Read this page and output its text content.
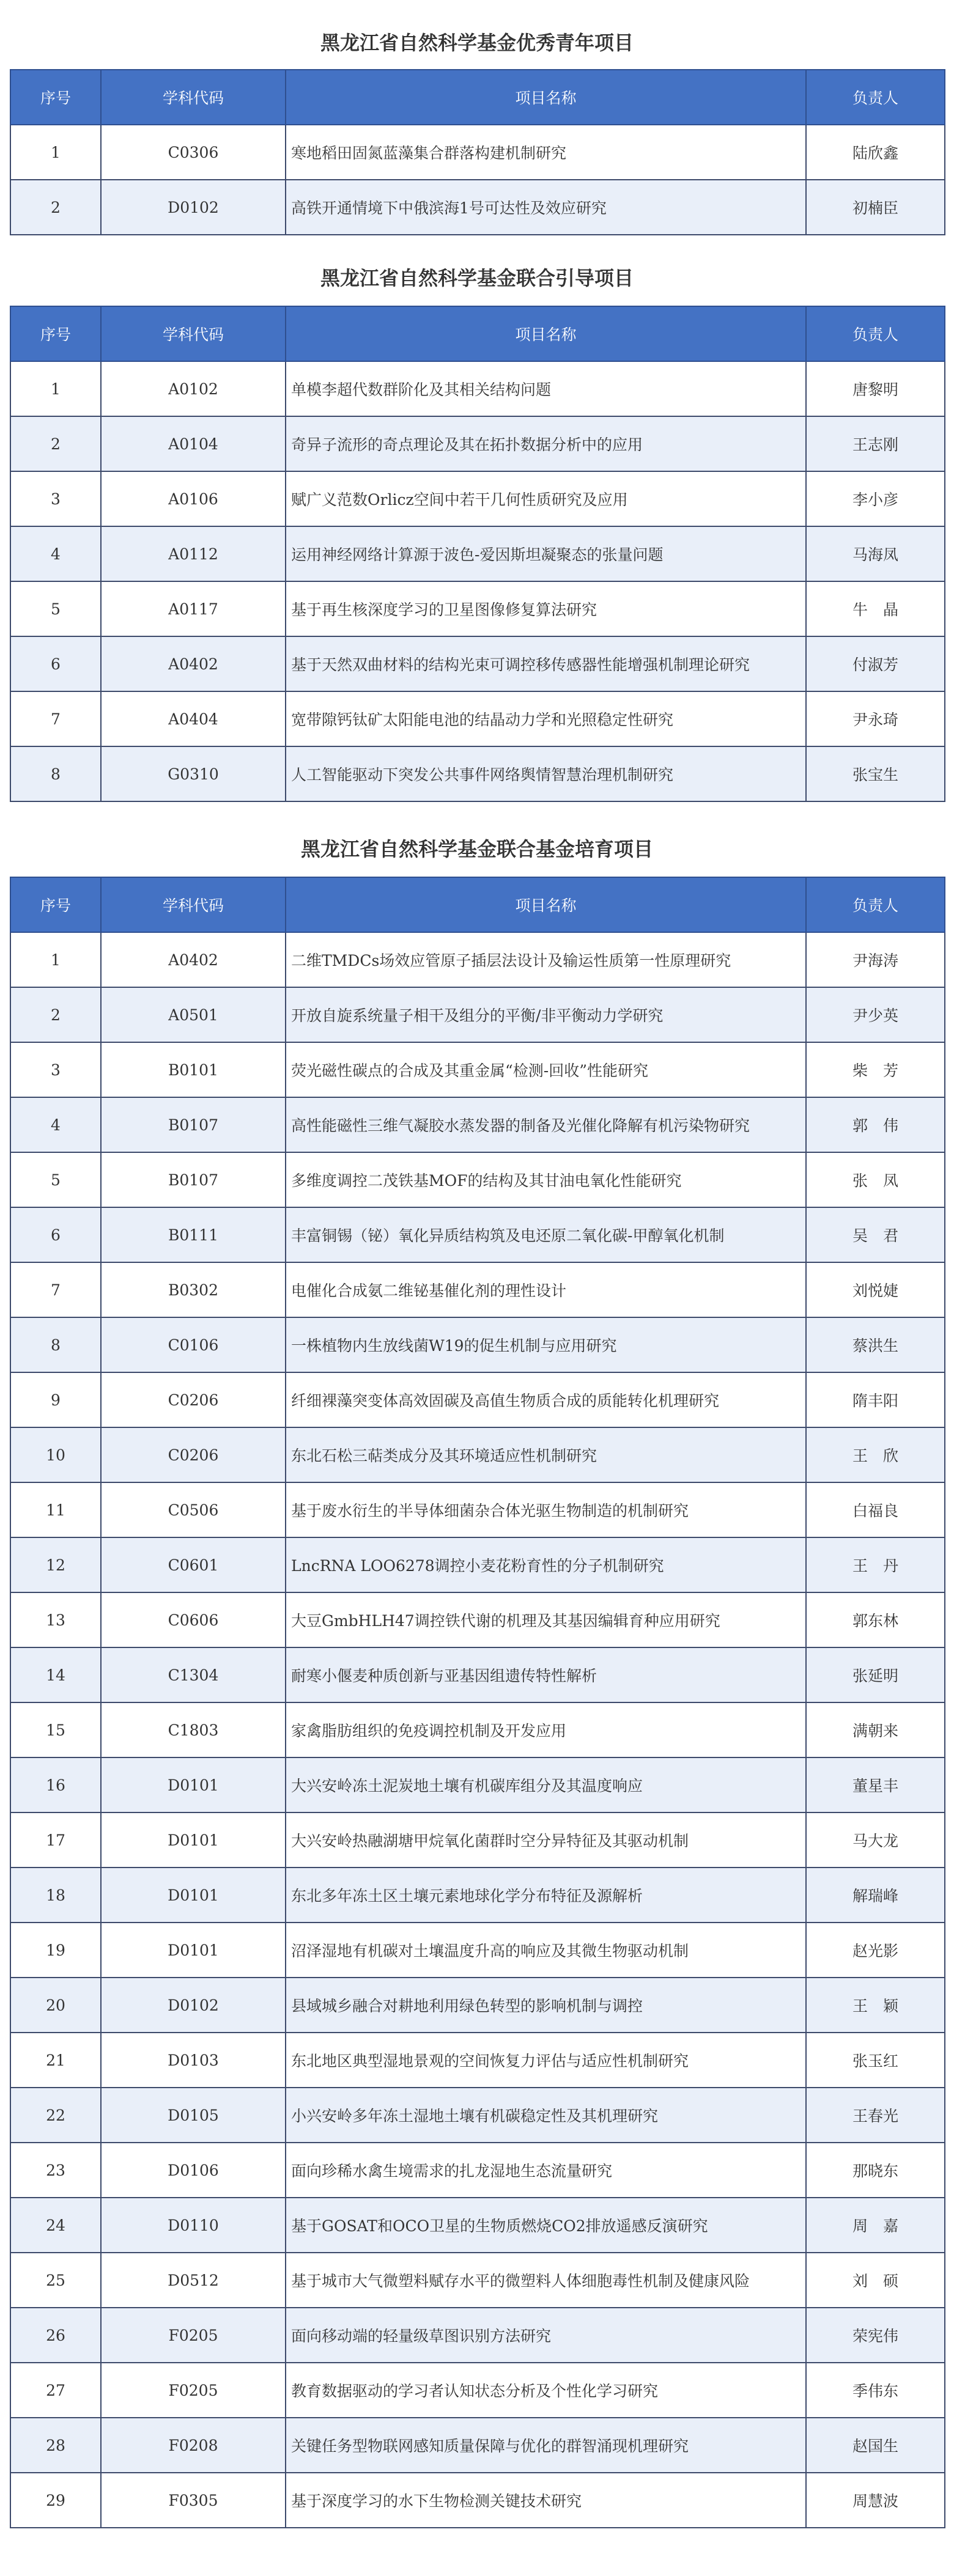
黑龙江省自然科学基金优秀青年项目
序号	学科代码	项目名称	负责人
1	C0306	寒地稻田固氮蓝藻集合群落构建机制研究	陆欣鑫
2	D0102	高铁开通情境下中俄滨海1号可达性及效应研究	初楠臣
黑龙江省自然科学基金联合引导项目
序号	学科代码	项目名称	负责人
1	A0102	单模李超代数群阶化及其相关结构问题	唐黎明
2	A0104	奇异子流形的奇点理论及其在拓扑数据分析中的应用	王志刚
3	A0106	赋广义范数Orlicz空间中若干几何性质研究及应用	李小彦
4	A0112	运用神经网络计算源于波色-爱因斯坦凝聚态的张量问题	马海凤
5	A0117	基于再生核深度学习的卫星图像修复算法研究	牛　晶
6	A0402	基于天然双曲材料的结构光束可调控移传感器性能增强机制理论研究	付淑芳
7	A0404	宽带隙钙钛矿太阳能电池的结晶动力学和光照稳定性研究	尹永琦
8	G0310	人工智能驱动下突发公共事件网络舆情智慧治理机制研究	张宝生
黑龙江省自然科学基金联合基金培育项目
序号	学科代码	项目名称	负责人
1	A0402	二维TMDCs场效应管原子插层法设计及输运性质第一性原理研究	尹海涛
2	A0501	开放自旋系统量子相干及组分的平衡/非平衡动力学研究	尹少英
3	B0101	荧光磁性碳点的合成及其重金属“检测-回收”性能研究	柴　芳
4	B0107	高性能磁性三维气凝胶水蒸发器的制备及光催化降解有机污染物研究	郭　伟
5	B0107	多维度调控二茂铁基MOF的结构及其甘油电氧化性能研究	张　凤
6	B0111	丰富铜锡（铋）氧化异质结构筑及电还原二氧化碳-甲醇氧化机制	吴　君
7	B0302	电催化合成氨二维铋基催化剂的理性设计	刘悦婕
8	C0106	一株植物内生放线菌W19的促生机制与应用研究	蔡洪生
9	C0206	纤细裸藻突变体高效固碳及高值生物质合成的质能转化机理研究	隋丰阳
10	C0206	东北石松三萜类成分及其环境适应性机制研究	王　欣
11	C0506	基于废水衍生的半导体细菌杂合体光驱生物制造的机制研究	白福良
12	C0601	LncRNA LOO6278调控小麦花粉育性的分子机制研究	王　丹
13	C0606	大豆GmbHLH47调控铁代谢的机理及其基因编辑育种应用研究	郭东林
14	C1304	耐寒小偃麦种质创新与亚基因组遗传特性解析	张延明
15	C1803	家禽脂肪组织的免疫调控机制及开发应用	满朝来
16	D0101	大兴安岭冻土泥炭地土壤有机碳库组分及其温度响应	董星丰
17	D0101	大兴安岭热融湖塘甲烷氧化菌群时空分异特征及其驱动机制	马大龙
18	D0101	东北多年冻土区土壤元素地球化学分布特征及源解析	解瑞峰
19	D0101	沼泽湿地有机碳对土壤温度升高的响应及其微生物驱动机制	赵光影
20	D0102	县域城乡融合对耕地利用绿色转型的影响机制与调控	王　颖
21	D0103	东北地区典型湿地景观的空间恢复力评估与适应性机制研究	张玉红
22	D0105	小兴安岭多年冻土湿地土壤有机碳稳定性及其机理研究	王春光
23	D0106	面向珍稀水禽生境需求的扎龙湿地生态流量研究	那晓东
24	D0110	基于GOSAT和OCO卫星的生物质燃烧CO2排放遥感反演研究	周　嘉
25	D0512	基于城市大气微塑料赋存水平的微塑料人体细胞毒性机制及健康风险	刘　硕
26	F0205	面向移动端的轻量级草图识别方法研究	荣宪伟
27	F0205	教育数据驱动的学习者认知状态分析及个性化学习研究	季伟东
28	F0208	关键任务型物联网感知质量保障与优化的群智涌现机理研究	赵国生
29	F0305	基于深度学习的水下生物检测关键技术研究	周慧波
